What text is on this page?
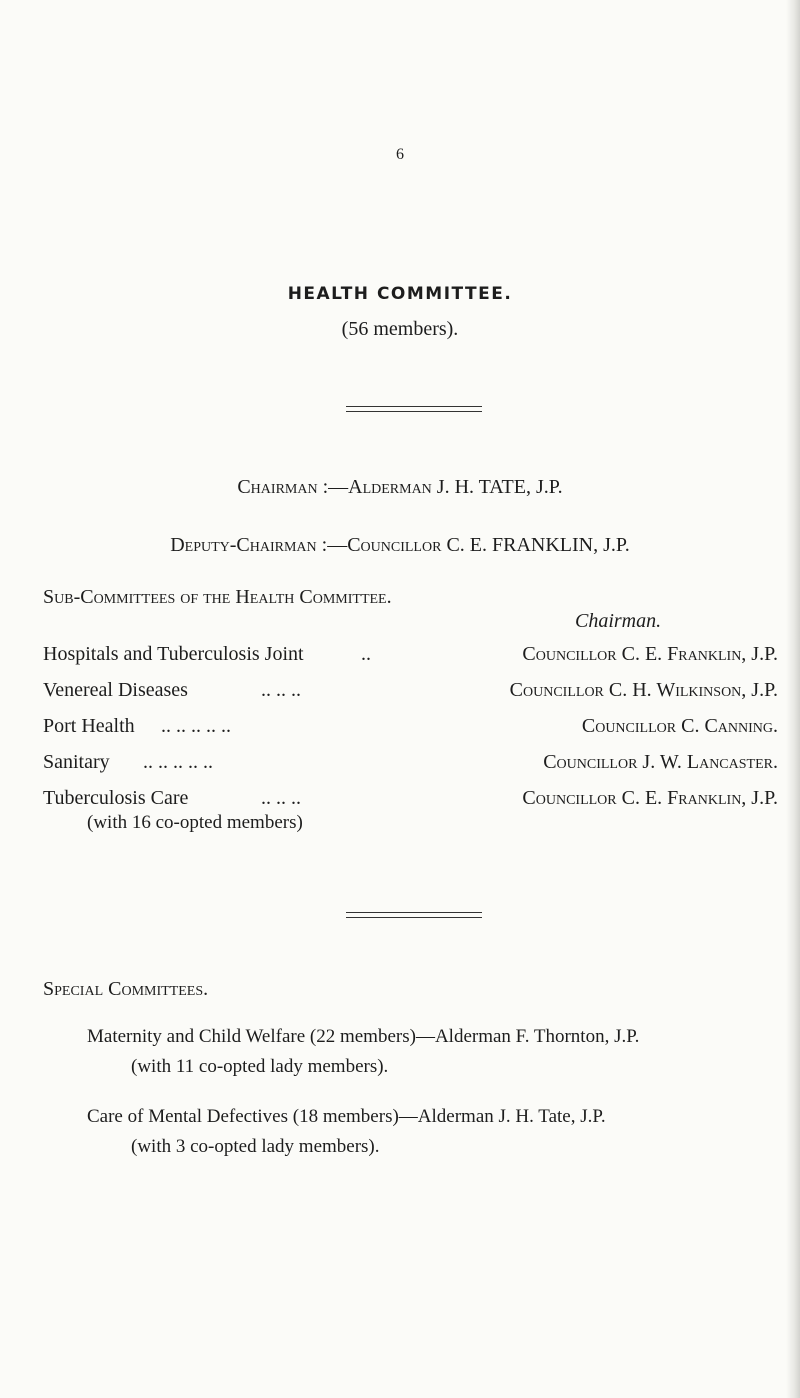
6
HEALTH COMMITTEE.
(56 members).
Chairman :—Alderman J. H. TATE, J.P.
Deputy-Chairman :—Councillor C. E. FRANKLIN, J.P.
Sub-Committees of the Health Committee.
Chairman.
Hospitals and Tuberculosis Joint	..	Councillor C. E. Franklin, J.P.
Venereal Diseases	.. .. ..	Councillor C. H. Wilkinson, J.P.
Port Health .. .. .. .. ..	Councillor C. Canning.
Sanitary .. .. .. .. ..	Councillor J. W. Lancaster.
Tuberculosis Care	.. .. ..	Councillor C. E. Franklin, J.P.
(with 16 co-opted members)
Special Committees.
Maternity and Child Welfare (22 members)—Alderman F. Thornton, J.P.
(with 11 co-opted lady members).
Care of Mental Defectives (18 members)—Alderman J. H. Tate, J.P.
(with 3 co-opted lady members).
